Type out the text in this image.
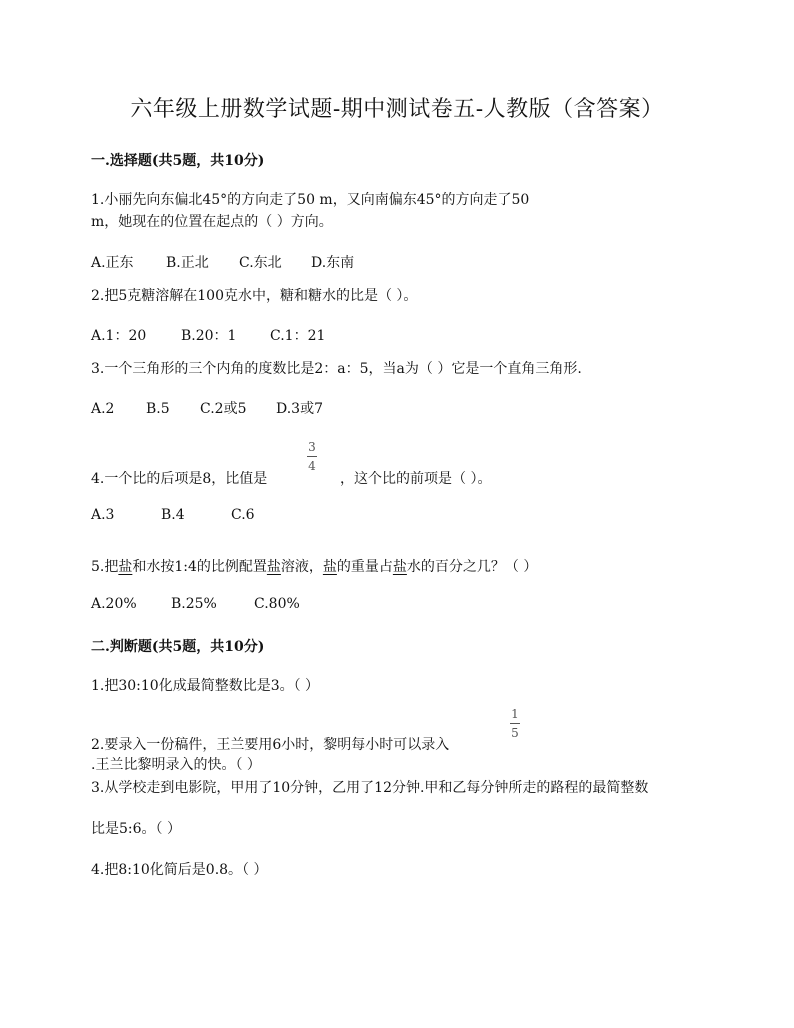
六年级上册数学试题-期中测试卷五-人教版（含答案）
一.选择题(共5题，共10分)
1.小丽先向东偏北45°的方向走了50 m，又向南偏东45°的方向走了50
m，她现在的位置在起点的（ ）方向。
A.正东 B.正北 C.东北 D.东南
2.把5克糖溶解在100克水中，糖和糖水的比是（ ）。
A.1：20 B.20：1 C.1：21
3.一个三角形的三个内角的度数比是2：a：5，当a为（ ）它是一个直角三角形.
A.2 B.5 C.2或5 D.3或7
4.一个比的后项是8，比值是
3
4
，这个比的前项是（ ）。
A.3	B.4	C.6
5.把盐和水按1:4的比例配置盐溶液，盐的重量占盐水的百分之几？（ ）
A.20% B.25%	C.80%
二.判断题(共5题，共10分)
1.把30:10化成最简整数比是3。（ ）
1
5
2.要录入一份稿件，王兰要用6小时，黎明每小时可以录入
.王兰比黎明录入的快。（ ）
3.从学校走到电影院，甲用了10分钟，乙用了12分钟.甲和乙每分钟所走的路程的最简整数
比是5:6。（ ）
4.把8:10化简后是0.8。（ ）
